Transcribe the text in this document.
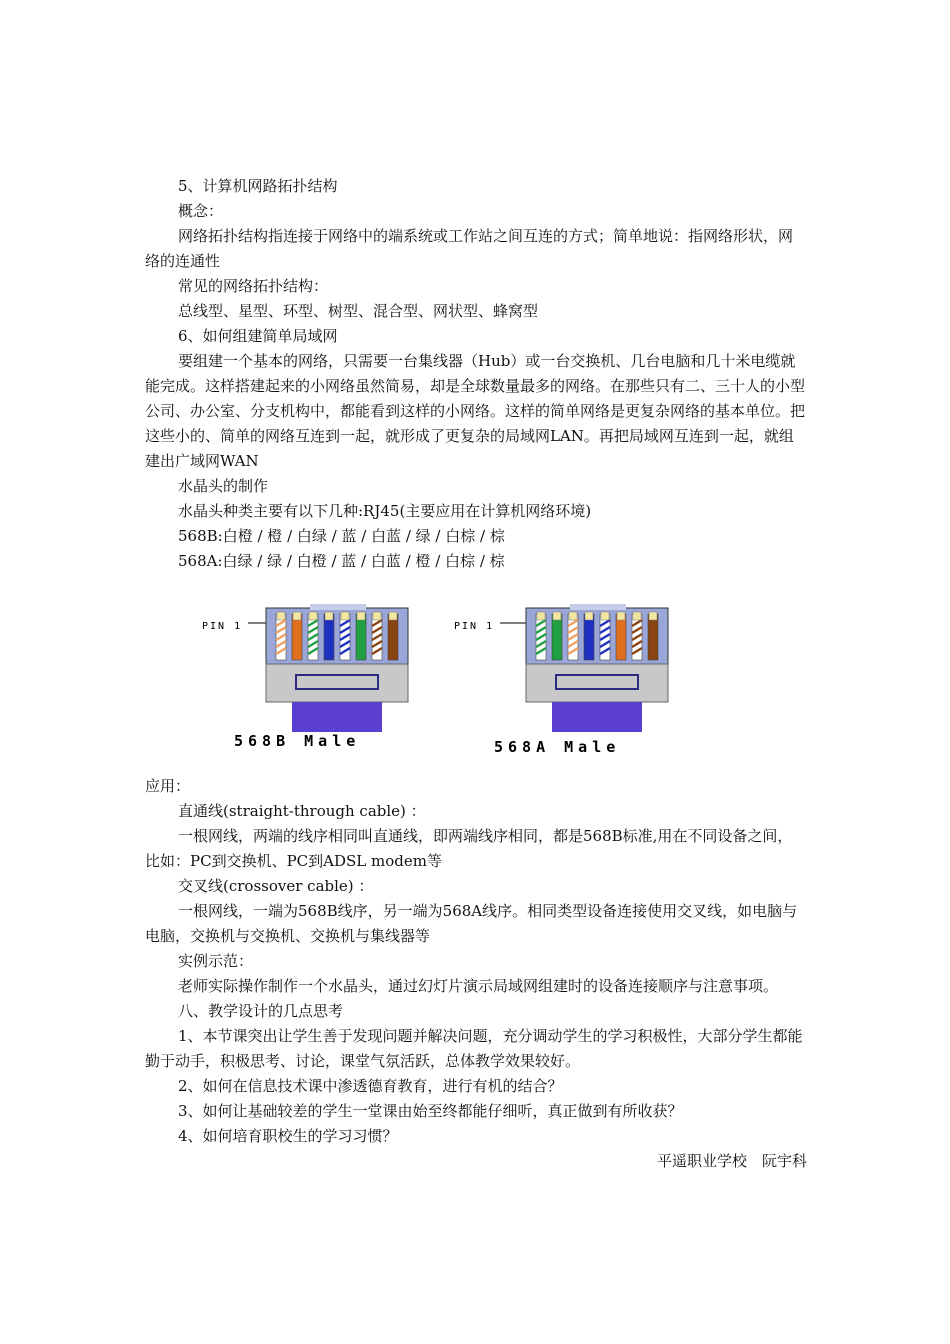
5、计算机网路拓扑结构

概念：

网络拓扑结构指连接于网络中的端系统或工作站之间互连的方式；简单地说：指网络形状，网络的连通性

常见的网络拓扑结构：

总线型、星型、环型、树型、混合型、网状型、蜂窝型

6、如何组建简单局域网

要组建一个基本的网络，只需要一台集线器（Hub）或一台交换机、几台电脑和几十米电缆就能完成。这样搭建起来的小网络虽然简易，却是全球数量最多的网络。在那些只有二、三十人的小型公司、办公室、分支机构中，都能看到这样的小网络。这样的简单网络是更复杂网络的基本单位。把这些小的、简单的网络互连到一起，就形成了更复杂的局域网LAN。再把局域网互连到一起，就组建出广域网WAN

水晶头的制作

水晶头种类主要有以下几种:RJ45(主要应用在计算机网络环境)

568B:白橙 / 橙 / 白绿 / 蓝 / 白蓝 / 绿 / 白棕 / 棕

568A:白绿 / 绿 / 白橙 / 蓝 / 白蓝 / 橙 / 白棕 / 棕

PIN 1
568B Male
PIN 1
568A Male

应用：

直通线(straight-through cable) ：

一根网线，两端的线序相同叫直通线，即两端线序相同，都是568B标准,用在不同设备之间，比如：PC到交换机、PC到ADSL modem等

交叉线(crossover cable) ：

一根网线，一端为568B线序，另一端为568A线序。相同类型设备连接使用交叉线，如电脑与电脑，交换机与交换机、交换机与集线器等

实例示范：

老师实际操作制作一个水晶头，通过幻灯片演示局域网组建时的设备连接顺序与注意事项。

八、教学设计的几点思考

1、本节课突出让学生善于发现问题并解决问题，充分调动学生的学习积极性，大部分学生都能勤于动手，积极思考、讨论，课堂气氛活跃，总体教学效果较好。

2、如何在信息技术课中渗透德育教育，进行有机的结合？

3、如何让基础较差的学生一堂课由始至终都能仔细听，真正做到有所收获？

4、如何培育职校生的学习习惯？

平遥职业学校　阮宇科
